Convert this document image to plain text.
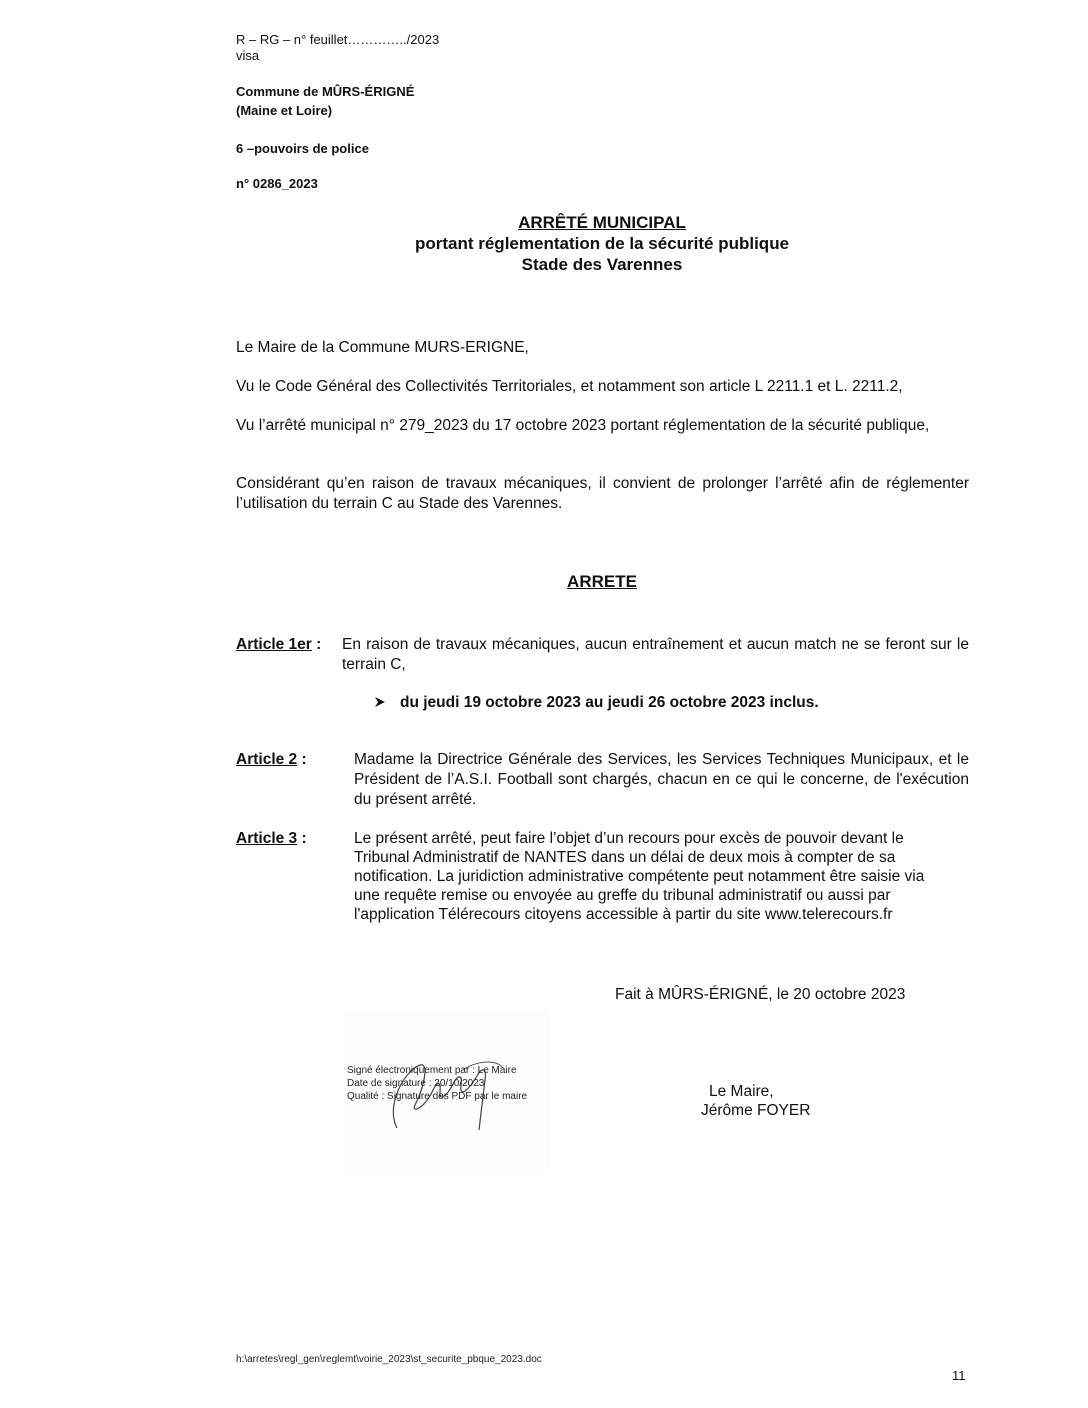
R – RG – n° feuillet…………../2023
visa
Commune de MÛRS-ÉRIGNÉ
(Maine et Loire)
6 –pouvoirs de police
n° 0286_2023
ARRÊTÉ MUNICIPAL
portant réglementation de la sécurité publique
Stade des Varennes
Le Maire de la Commune MURS-ERIGNE,
Vu le Code Général des Collectivités Territoriales, et notamment son article L 2211.1 et L. 2211.2,
Vu l’arrêté municipal n° 279_2023 du 17 octobre 2023 portant réglementation de la sécurité publique,
Considérant qu’en raison de travaux mécaniques, il convient de prolonger l’arrêté afin de réglementer l’utilisation du terrain C au Stade des Varennes.
ARRETE
Article 1er : En raison de travaux mécaniques, aucun entraînement et aucun match ne se feront sur le terrain C,
du jeudi 19 octobre 2023 au jeudi 26 octobre 2023 inclus.
Article 2 :	Madame la Directrice Générale des Services, les Services Techniques Municipaux, et le Président de l’A.S.I. Football sont chargés, chacun en ce qui le concerne, de l'exécution du présent arrêté.
Article 3 :	Le présent arrêté, peut faire l’objet d’un recours pour excès de pouvoir devant le
Tribunal Administratif de NANTES dans un délai de deux mois à compter de sa
notification. La juridiction administrative compétente peut notamment être saisie via
une requête remise ou envoyée au greffe du tribunal administratif ou aussi par
l'application Télérecours citoyens accessible à partir du site www.telerecours.fr
Fait à MÛRS-ÉRIGNÉ, le 20 octobre 2023
Signé électroniquement par : Le Maire
Date de signature : 20/10/2023
Qualité : Signature des PDF par le maire	Le Maire,
Jérôme FOYER
h:\arretes\regl_gen\reglemt\voirie_2023\st_securite_pbque_2023.doc
11
